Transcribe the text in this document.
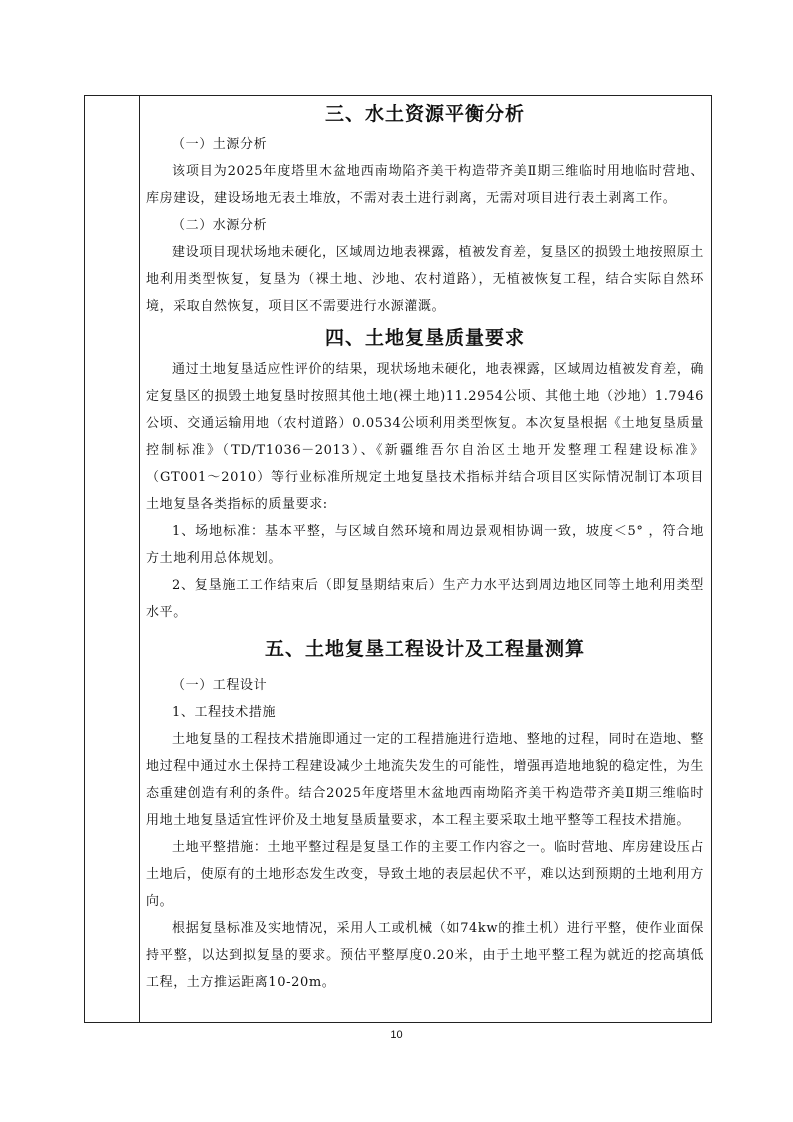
三、水土资源平衡分析

（一）土源分析

该项目为2025年度塔里木盆地西南坳陷齐美干构造带齐美Ⅱ期三维临时用地临时营地、库房建设，建设场地无表土堆放，不需对表土进行剥离，无需对项目进行表土剥离工作。

（二）水源分析

建设项目现状场地未硬化，区域周边地表裸露，植被发育差，复垦区的损毁土地按照原土地利用类型恢复，复垦为（裸土地、沙地、农村道路），无植被恢复工程，结合实际自然环境，采取自然恢复，项目区不需要进行水源灌溉。

四、土地复垦质量要求

通过土地复垦适应性评价的结果，现状场地未硬化，地表裸露，区域周边植被发育差，确定复垦区的损毁土地复垦时按照其他土地(裸土地)11.2954公顷、其他土地（沙地）1.7946公顷、交通运输用地（农村道路）0.0534公顷利用类型恢复。本次复垦根据《土地复垦质量控制标准》（TD/T1036－2013）、《新疆维吾尔自治区土地开发整理工程建设标准》（GT001～2010）等行业标准所规定土地复垦技术指标并结合项目区实际情况制订本项目土地复垦各类指标的质量要求:

1、场地标准：基本平整，与区域自然环境和周边景观相协调一致，坡度＜5° ，符合地方土地利用总体规划。

2、复垦施工工作结束后（即复垦期结束后）生产力水平达到周边地区同等土地利用类型水平。

五、土地复垦工程设计及工程量测算

（一）工程设计

1、工程技术措施

土地复垦的工程技术措施即通过一定的工程措施进行造地、整地的过程，同时在造地、整地过程中通过水土保持工程建设减少土地流失发生的可能性，增强再造地地貌的稳定性，为生态重建创造有利的条件。结合2025年度塔里木盆地西南坳陷齐美干构造带齐美Ⅱ期三维临时用地土地复垦适宜性评价及土地复垦质量要求，本工程主要采取土地平整等工程技术措施。

土地平整措施：土地平整过程是复垦工作的主要工作内容之一。临时营地、库房建设压占土地后，使原有的土地形态发生改变，导致土地的表层起伏不平，难以达到预期的土地利用方向。

根据复垦标准及实地情况，采用人工或机械（如74kw的推土机）进行平整，使作业面保持平整，以达到拟复垦的要求。预估平整厚度0.20米，由于土地平整工程为就近的挖高填低工程，土方推运距离10-20m。

10
